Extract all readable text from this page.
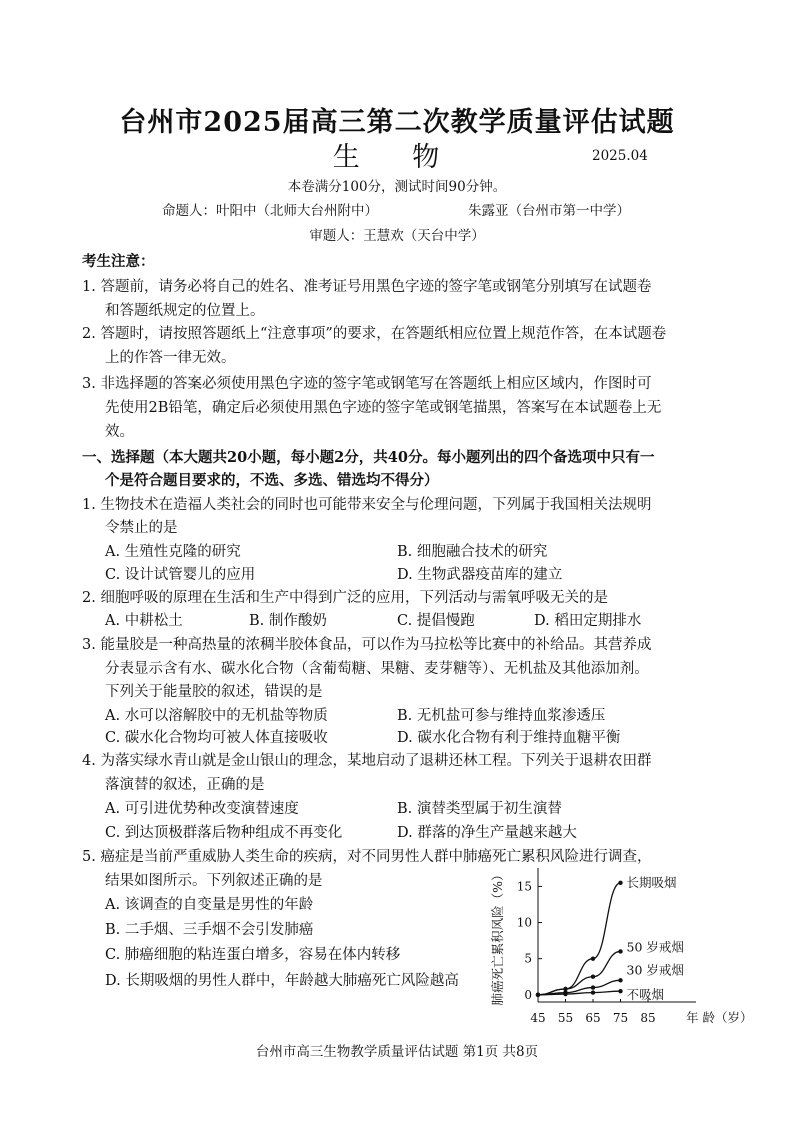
台州市2025届高三第二次教学质量评估试题
生 物	2025.04
本卷满分100分，测试时间90分钟。
命题人：叶阳中（北师大台州附中）	朱露亚（台州市第一中学）
审题人：王慧欢（天台中学）
考生注意：
1. 答题前，请务必将自己的姓名、准考证号用黑色字迹的签字笔或钢笔分别填写在试题卷
和答题纸规定的位置上。
2. 答题时，请按照答题纸上“注意事项”的要求，在答题纸相应位置上规范作答，在本试题卷
上的作答一律无效。
3. 非选择题的答案必须使用黑色字迹的签字笔或钢笔写在答题纸上相应区域内，作图时可
先使用2B铅笔，确定后必须使用黑色字迹的签字笔或钢笔描黑，答案写在本试题卷上无
效。
一、选择题（本大题共20小题，每小题2分，共40分。每小题列出的四个备选项中只有一
个是符合题目要求的，不选、多选、错选均不得分）
1. 生物技术在造福人类社会的同时也可能带来安全与伦理问题，下列属于我国相关法规明
令禁止的是
A. 生殖性克隆的研究	B. 细胞融合技术的研究
C. 设计试管婴儿的应用	D. 生物武器疫苗库的建立
2. 细胞呼吸的原理在生活和生产中得到广泛的应用，下列活动与需氧呼吸无关的是
A. 中耕松土	B. 制作酸奶	C. 提倡慢跑	D. 稻田定期排水
3. 能量胶是一种高热量的浓稠半胶体食品，可以作为马拉松等比赛中的补给品。其营养成
分表显示含有水、碳水化合物（含葡萄糖、果糖、麦芽糖等）、无机盐及其他添加剂。
下列关于能量胶的叙述，错误的是
A. 水可以溶解胶中的无机盐等物质	B. 无机盐可参与维持血浆渗透压
C. 碳水化合物均可被人体直接吸收	D. 碳水化合物有利于维持血糖平衡
4. 为落实绿水青山就是金山银山的理念，某地启动了退耕还林工程。下列关于退耕农田群
落演替的叙述，正确的是
A. 可引进优势种改变演替速度	B. 演替类型属于初生演替
C. 到达顶极群落后物种组成不再变化	D. 群落的净生产量越来越大
5. 癌症是当前严重威胁人类生命的疾病，对不同男性人群中肺癌死亡累积风险进行调查，
结果如图所示。下列叙述正确的是
A. 该调查的自变量是男性的年龄
B. 二手烟、三手烟不会引发肺癌
C. 肺癌细胞的粘连蛋白增多，容易在体内转移
D. 长期吸烟的男性人群中，年龄越大肺癌死亡风险越高
0
5
10
15
45 55 65 75 85 年 龄（岁）
肺癌死亡累积风险（%）	长期吸烟
50 岁戒烟
30 岁戒烟
不吸烟
台州市高三生物教学质量评估试题 第1页 共8页
